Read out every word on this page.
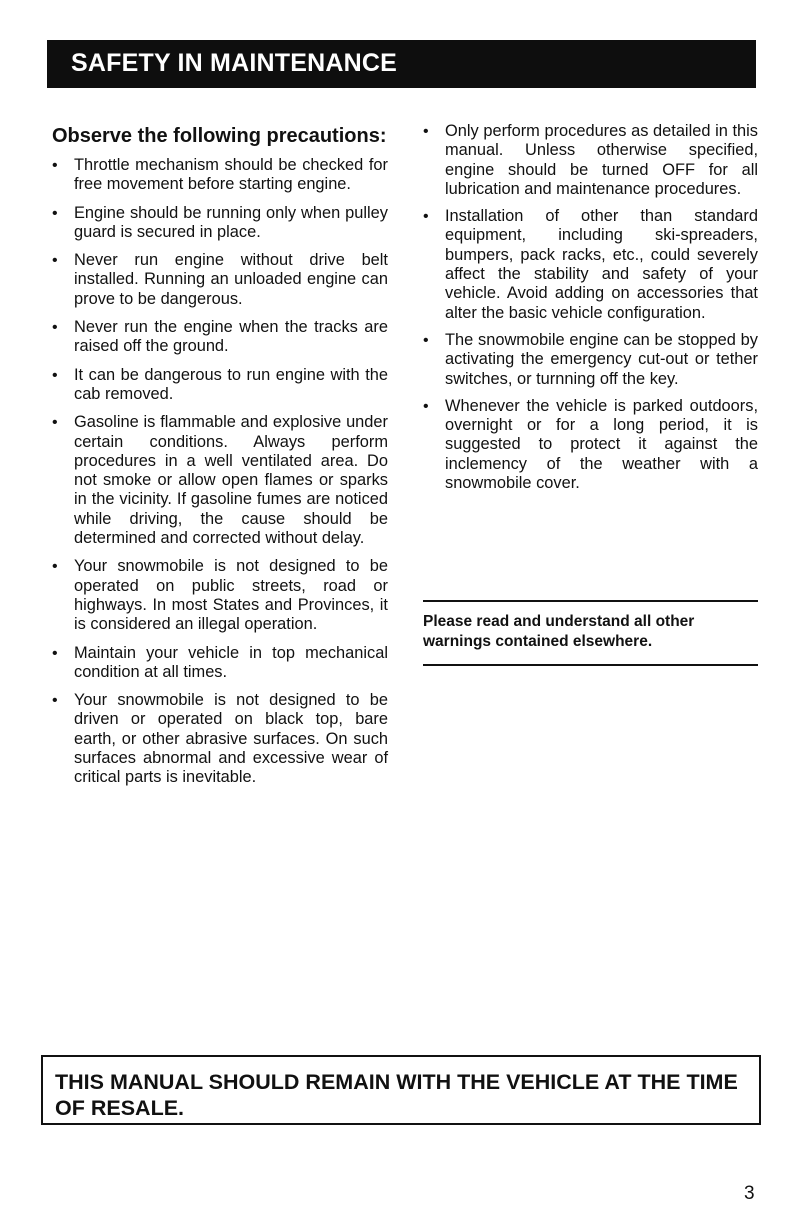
SAFETY IN MAINTENANCE
Observe the following precautions:
• Throttle mechanism should be checked for free movement before starting engine.
• Engine should be running only when pulley guard is secured in place.
• Never run engine without drive belt installed. Running an unloaded engine can prove to be dangerous.
• Never run the engine when the tracks are raised off the ground.
• It can be dangerous to run engine with the cab removed.
• Gasoline is flammable and explosive under certain conditions. Always perform procedures in a well ventilated area. Do not smoke or allow open flames or sparks in the vicinity. If gasoline fumes are noticed while driving, the cause should be determined and corrected without delay.
• Your snowmobile is not designed to be operated on public streets, road or highways. In most States and Provinces, it is considered an illegal operation.
• Maintain your vehicle in top mechanical condition at all times.
• Your snowmobile is not designed to be driven or operated on black top, bare earth, or other abrasive surfaces. On such surfaces abnormal and excessive wear of critical parts is inevitable.
• Only perform procedures as detailed in this manual. Unless otherwise specified, engine should be turned OFF for all lubrication and maintenance procedures.
• Installation of other than standard equipment, including ski-spreaders, bumpers, pack racks, etc., could severely affect the stability and safety of your vehicle. Avoid adding on accessories that alter the basic vehicle configuration.
• The snowmobile engine can be stopped by activating the emergency cut-out or tether switches, or turnning off the key.
• Whenever the vehicle is parked outdoors, overnight or for a long period, it is suggested to protect it against the inclemency of the weather with a snowmobile cover.
Please read and understand all other warnings contained elsewhere.
THIS MANUAL SHOULD REMAIN WITH THE VEHICLE AT THE TIME OF RESALE.
3
